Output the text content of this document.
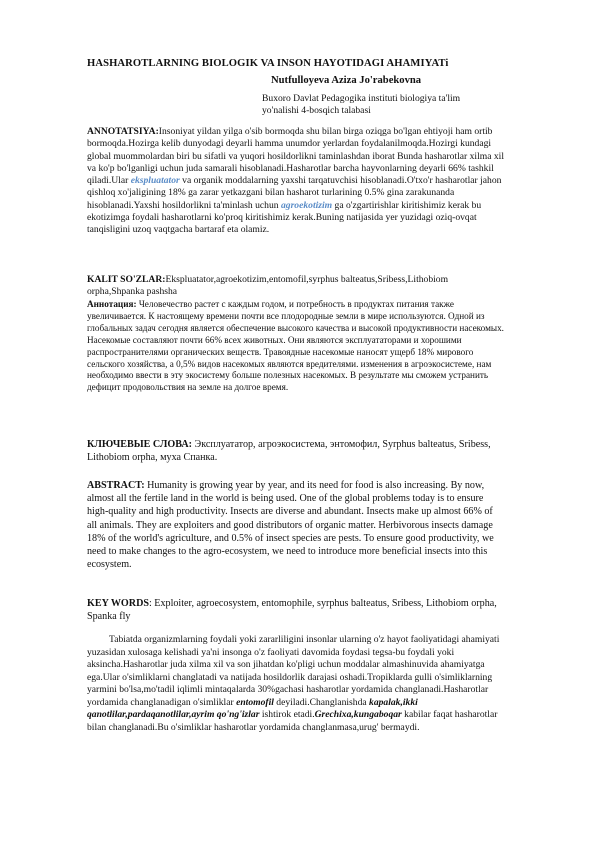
HASHAROTLARNING BIOLOGIK VA INSON HAYOTIDAGI AHAMIYATi
Nutfulloyeva Aziza Jo'rabekovna
Buxoro Davlat Pedagogika instituti biologiya ta'lim
yo'nalishi 4-bosqich talabasi
ANNOTATSIYA:Insoniyat yildan yilga o'sib bormoqda shu bilan birga oziqga bo'lgan ehtiyoji ham ortib bormoqda.Hozirga kelib dunyodagi deyarli hamma unumdor yerlardan foydalanilmoqda.Hozirgi kundagi global muommolardan biri bu sifatli va yuqori hosildorlikni taminlashdan iborat Bunda hasharotlar xilma xil va ko'p bo'lganligi uchun juda samarali hisoblanadi.Hasharotlar barcha hayvonlarning deyarli 66% tashkil qiladi.Ular ekspluatator va organik moddalarning yaxshi tarqatuvchisi hisoblanadi.O'txo'r hasharotlar jahon qishloq xo'jaligining 18% ga zarar yetkazgani bilan hasharot turlarining 0.5% gina zarakunanda hisoblanadi.Yaxshi hosildorlikni ta'minlash uchun agroekotizim ga o'zgartirishlar kiritishimiz kerak bu ekotizimga foydali hasharotlarni ko'proq kiritishimiz kerak.Buning natijasida yer yuzidagi oziq-ovqat tanqisligini uzoq vaqtgacha bartaraf eta olamiz.
KALIT SO'ZLAR:Ekspluatator,agroekotizim,entomofil,syrphus balteatus,Sribess,Lithobiom orpha,Shpanka pashsha
Аннотация: Человечество растет с каждым годом, и потребность в продуктах питания также увеличивается. К настоящему времени почти все плодородные земли в мире используются. Одной из глобальных задач сегодня является обеспечение высокого качества и высокой продуктивности насекомых. Насекомые составляют почти 66% всех животных. Они являются эксплуататорами и хорошими распространителями органических веществ. Травоядные насекомые наносят ущерб 18% мирового сельского хозяйства, а 0,5% видов насекомых являются вредителями. изменения в агроэкосистеме, нам необходимо ввести в эту экосистему больше полезных насекомых. В результате мы сможем устранить дефицит продовольствия на земле на долгое время.
КЛЮЧЕВЫЕ СЛОВА: Эксплуататор, агроэкосистема, энтомофил, Syrphus balteatus, Sribess, Lithobiom orpha, муха Спанка.
ABSTRACT: Humanity is growing year by year, and its need for food is also increasing. By now, almost all the fertile land in the world is being used. One of the global problems today is to ensure high-quality and high productivity. Insects are diverse and abundant. Insects make up almost 66% of all animals. They are exploiters and good distributors of organic matter. Herbivorous insects damage 18% of the world's agriculture, and 0.5% of insect species are pests. To ensure good productivity, we need to make changes to the agro-ecosystem, we need to introduce more beneficial insects into this ecosystem.
KEY WORDS: Exploiter, agroecosystem, entomophile, syrphus balteatus, Sribess, Lithobiom orpha, Spanka fly
Tabiatda organizmlarning foydali yoki zararliligini insonlar ularning o'z hayot faoliyatidagi ahamiyati yuzasidan xulosaga kelishadi ya'ni insonga o'z faoliyati davomida foydasi tegsa-bu foydali yoki aksincha.Hasharotlar juda xilma xil va son jihatdan ko'pligi uchun moddalar almashinuvida ahamiyatga ega.Ular o'simliklarni changlatadi va natijada hosildorlik darajasi oshadi.Tropiklarda gulli o'simliklarning yarmini bo'lsa,mo'tadil iqlimli mintaqalarda 30%gachasi hasharotlar yordamida changlanadi.Hasharotlar yordamida changlanadigan o'simliklar entomofil deyiladi.Changlanishda kapalak,ikki qanotlilar,pardaqanotlilar,ayrim qo'ng'izlar ishtirok etadi.Grechixa,kungaboqar kabilar faqat hasharotlar bilan changlanadi.Bu o'simliklar hasharotlar yordamida changlanmasa,urug' bermaydi.
